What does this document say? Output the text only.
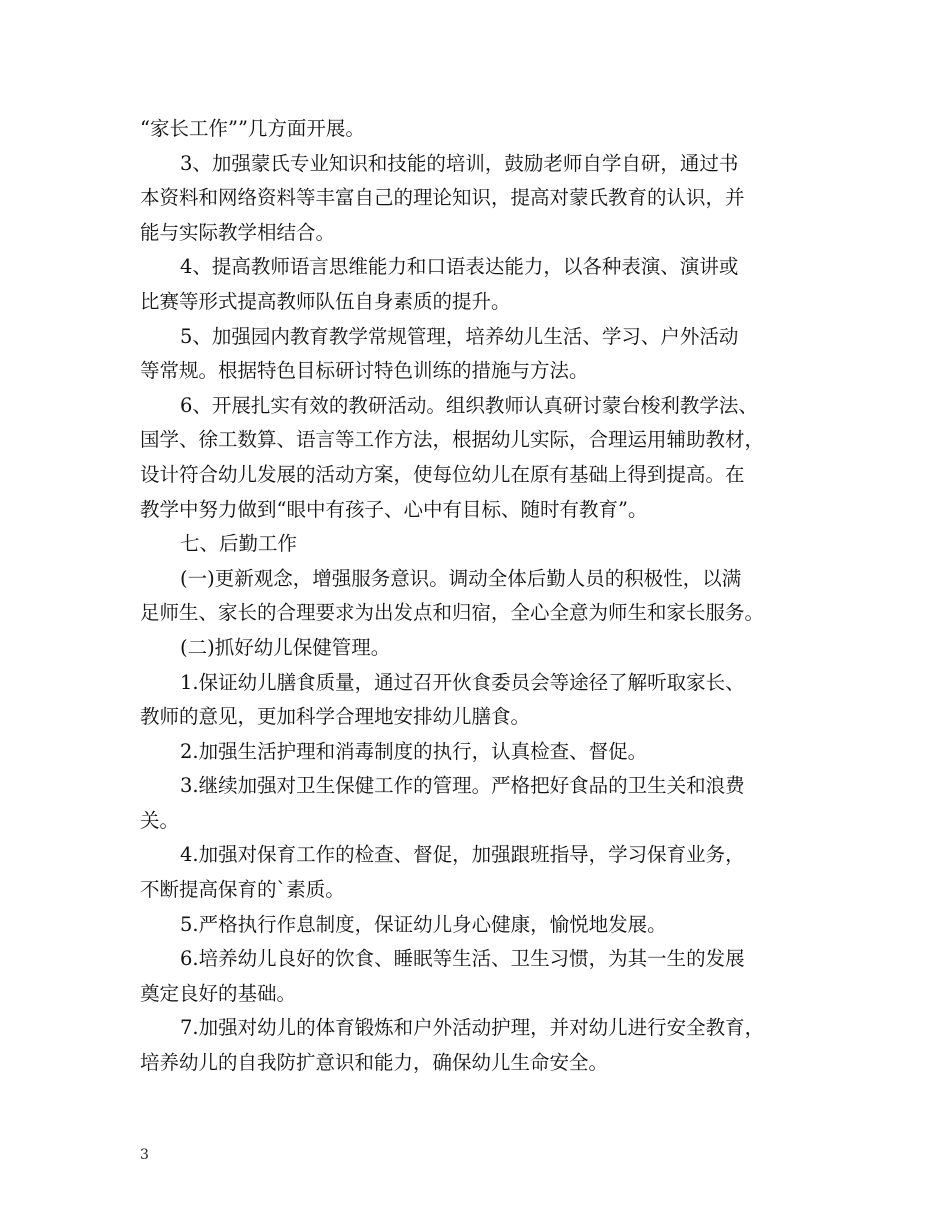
“家长工作””几方面开展。
3、加强蒙氏专业知识和技能的培训，鼓励老师自学自研，通过书
本资料和网络资料等丰富自己的理论知识，提高对蒙氏教育的认识，并
能与实际教学相结合。
4、提高教师语言思维能力和口语表达能力，以各种表演、演讲或
比赛等形式提高教师队伍自身素质的提升。
5、加强园内教育教学常规管理，培养幼儿生活、学习、户外活动
等常规。根据特色目标研讨特色训练的措施与方法。
6、开展扎实有效的教研活动。组织教师认真研讨蒙台梭利教学法、
国学、徐工数算、语言等工作方法，根据幼儿实际，合理运用辅助教材，
设计符合幼儿发展的活动方案，使每位幼儿在原有基础上得到提高。在
教学中努力做到“眼中有孩子、心中有目标、随时有教育”。
七、后勤工作
(一)更新观念，增强服务意识。调动全体后勤人员的积极性，以满
足师生、家长的合理要求为出发点和归宿，全心全意为师生和家长服务。
(二)抓好幼儿保健管理。
1.保证幼儿膳食质量，通过召开伙食委员会等途径了解听取家长、
教师的意见，更加科学合理地安排幼儿膳食。
2.加强生活护理和消毒制度的执行，认真检查、督促。
3.继续加强对卫生保健工作的管理。严格把好食品的卫生关和浪费
关。
4.加强对保育工作的检查、督促，加强跟班指导，学习保育业务，
不断提高保育的`素质。
5.严格执行作息制度，保证幼儿身心健康，愉悦地发展。
6.培养幼儿良好的饮食、睡眠等生活、卫生习惯，为其一生的发展
奠定良好的基础。
7.加强对幼儿的体育锻炼和户外活动护理，并对幼儿进行安全教育，
培养幼儿的自我防扩意识和能力，确保幼儿生命安全。
3
